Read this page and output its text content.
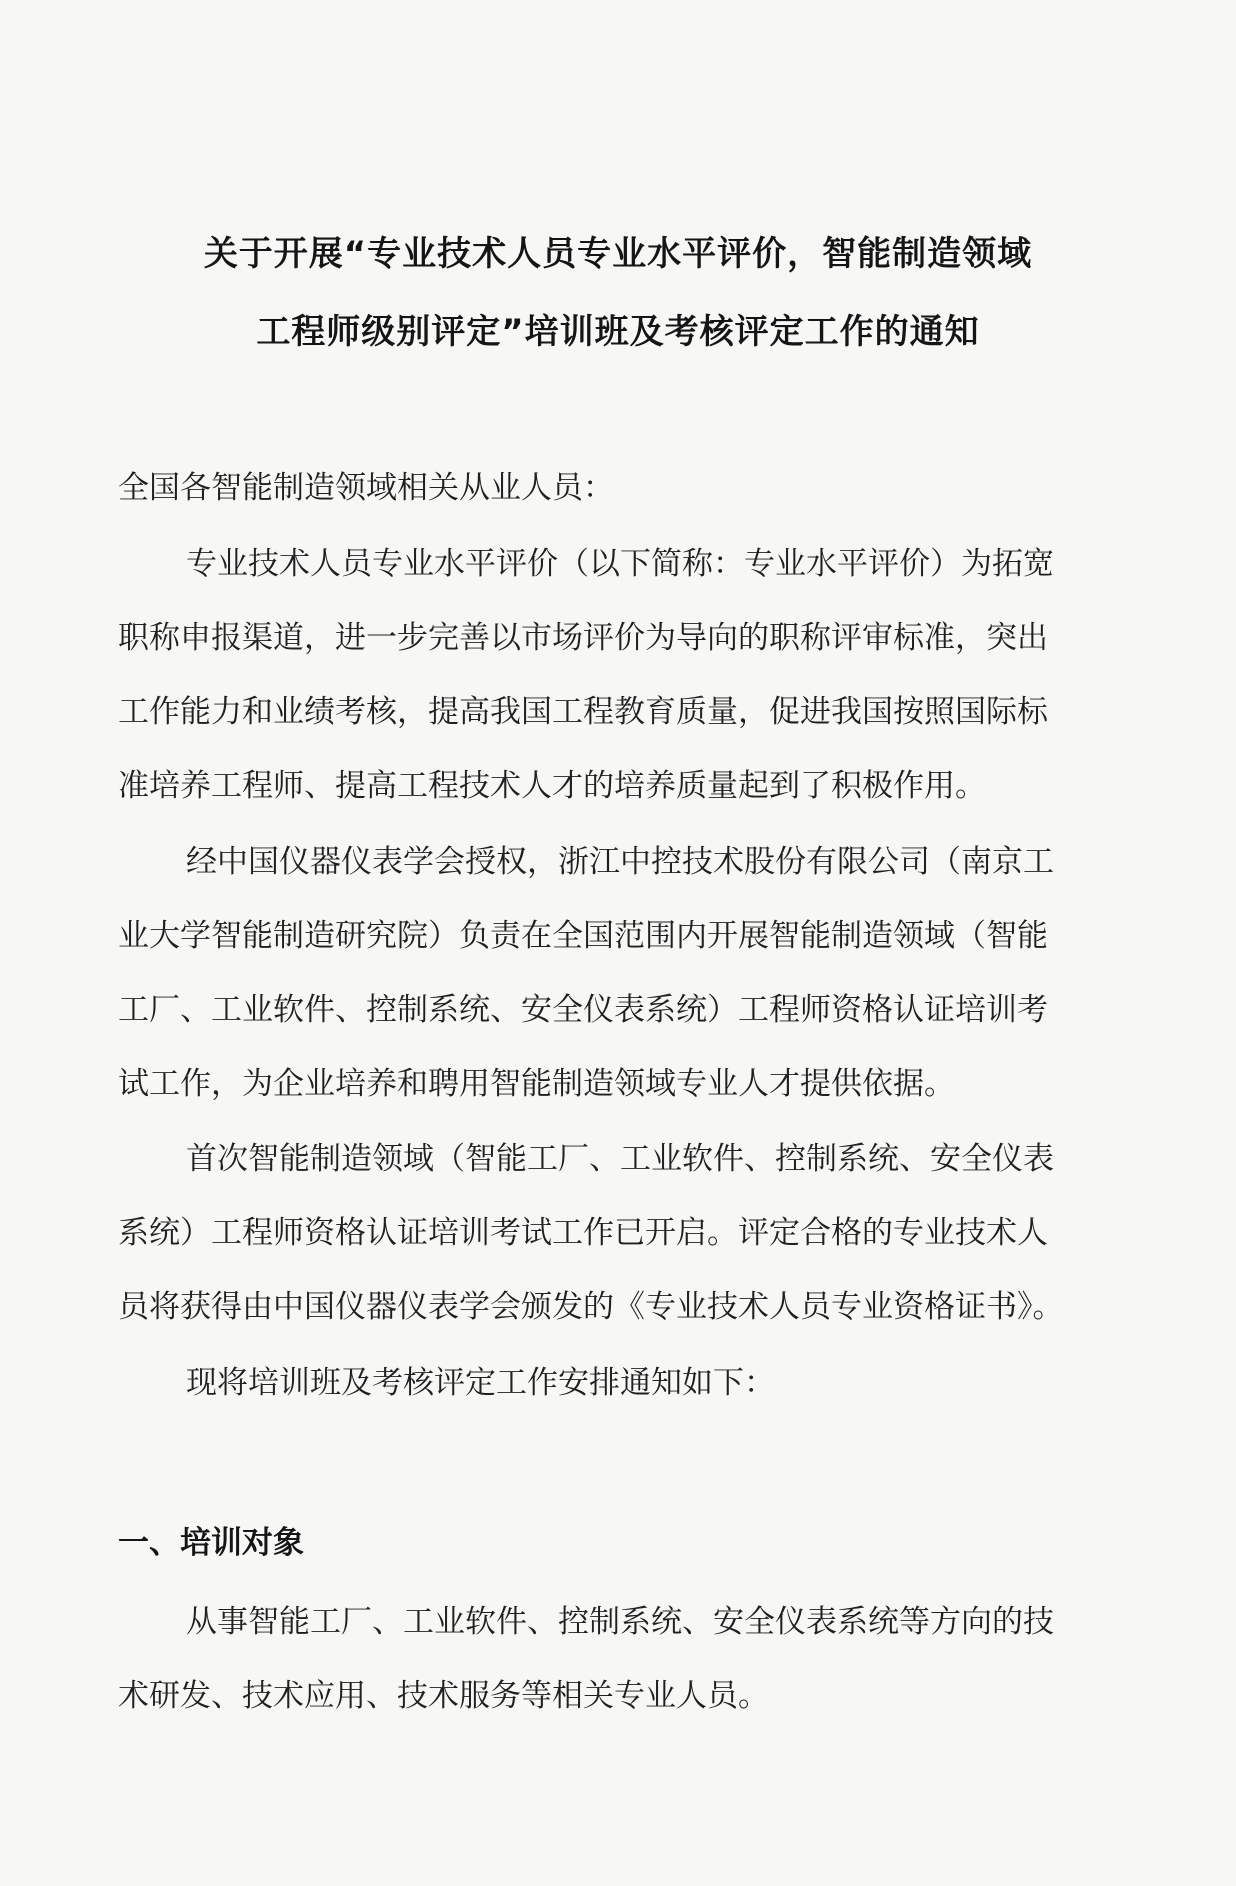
关于开展“专业技术人员专业水平评价，智能制造领域
工程师级别评定”培训班及考核评定工作的通知
全国各智能制造领域相关从业人员：
专业技术人员专业水平评价（以下简称：专业水平评价）为拓宽
职称申报渠道，进一步完善以市场评价为导向的职称评审标准，突出
工作能力和业绩考核，提高我国工程教育质量，促进我国按照国际标
准培养工程师、提高工程技术人才的培养质量起到了积极作用。
经中国仪器仪表学会授权，浙江中控技术股份有限公司（南京工
业大学智能制造研究院）负责在全国范围内开展智能制造领域（智能
工厂、工业软件、控制系统、安全仪表系统）工程师资格认证培训考
试工作，为企业培养和聘用智能制造领域专业人才提供依据。
首次智能制造领域（智能工厂、工业软件、控制系统、安全仪表
系统）工程师资格认证培训考试工作已开启。评定合格的专业技术人
员将获得由中国仪器仪表学会颁发的《专业技术人员专业资格证书》。
现将培训班及考核评定工作安排通知如下：
一、培训对象
从事智能工厂、工业软件、控制系统、安全仪表系统等方向的技
术研发、技术应用、技术服务等相关专业人员。
